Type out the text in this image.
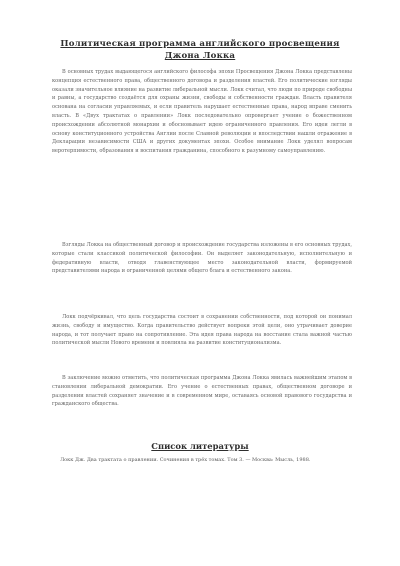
Политическая программа английского просвещения Джона Локка

В основных трудах выдающегося английского философа эпохи Просвещения Джона Локка представлены концепция естественного права, общественного договора и разделения властей. Его политические взгляды оказали значительное влияние на развитие либеральной мысли. Локк считал, что люди по природе свободны и равны, а государство создаётся для охраны жизни, свободы и собственности граждан. Власть правителя основана на согласии управляемых, и если правитель нарушает естественные права, народ вправе сменить власть. В «Двух трактатах о правлении» Локк последовательно опровергает учение о божественном происхождении абсолютной монархии и обосновывает идею ограниченного правления. Его идеи легли в основу конституционного устройства Англии после Славной революции и впоследствии нашли отражение в Декларации независимости США и других документах эпохи. Особое внимание Локк уделял вопросам веротерпимости, образования и воспитания гражданина, способного к разумному самоуправлению.

Взгляды Локка на общественный договор и происхождение государства изложены в его основных трудах, которые стали классикой политической философии. Он выделяет законодательную, исполнительную и федеративную власти, отводя главенствующее место законодательной власти, формируемой представителями народа и ограниченной целями общего блага и естественного закона.

Локк подчёркивал, что цель государства состоит в сохранении собственности, под которой он понимал жизнь, свободу и имущество. Когда правительство действует вопреки этой цели, оно утрачивает доверие народа, и тот получает право на сопротивление. Эта идея права народа на восстание стала важной частью политической мысли Нового времени и повлияла на развитие конституционализма.

В заключение можно отметить, что политическая программа Джона Локка явилась важнейшим этапом в становлении либеральной демократии. Его учение о естественных правах, общественном договоре и разделении властей сохраняет значение и в современном мире, оставаясь основой правового государства и гражданского общества.

Список литературы

Локк Дж. Два трактата о правлении. Сочинения в трёх томах. Том 3. — Москва: Мысль, 1988.
